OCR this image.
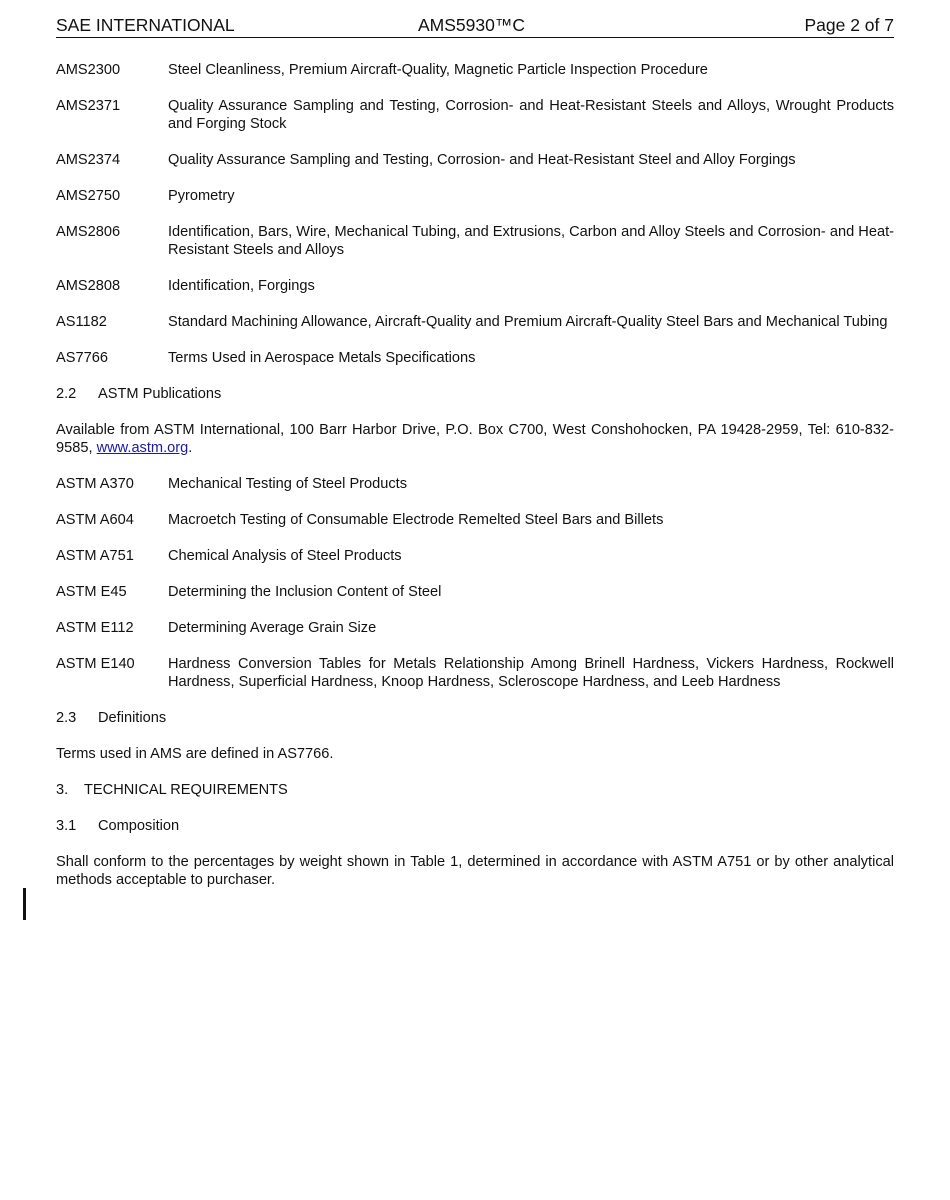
SAE INTERNATIONAL	AMS5930™C	Page 2 of 7
AMS2300	Steel Cleanliness, Premium Aircraft-Quality, Magnetic Particle Inspection Procedure
AMS2371	Quality Assurance Sampling and Testing, Corrosion- and Heat-Resistant Steels and Alloys, Wrought Products and Forging Stock
AMS2374	Quality Assurance Sampling and Testing, Corrosion- and Heat-Resistant Steel and Alloy Forgings
AMS2750	Pyrometry
AMS2806	Identification, Bars, Wire, Mechanical Tubing, and Extrusions, Carbon and Alloy Steels and Corrosion- and Heat-Resistant Steels and Alloys
AMS2808	Identification, Forgings
AS1182	Standard Machining Allowance, Aircraft-Quality and Premium Aircraft-Quality Steel Bars and Mechanical Tubing
AS7766	Terms Used in Aerospace Metals Specifications
2.2 ASTM Publications
Available from ASTM International, 100 Barr Harbor Drive, P.O. Box C700, West Conshohocken, PA 19428-2959, Tel: 610-832-9585, www.astm.org.
ASTM A370	Mechanical Testing of Steel Products
ASTM A604	Macroetch Testing of Consumable Electrode Remelted Steel Bars and Billets
ASTM A751	Chemical Analysis of Steel Products
ASTM E45	Determining the Inclusion Content of Steel
ASTM E112	Determining Average Grain Size
ASTM E140	Hardness Conversion Tables for Metals Relationship Among Brinell Hardness, Vickers Hardness, Rockwell Hardness, Superficial Hardness, Knoop Hardness, Scleroscope Hardness, and Leeb Hardness
2.3 Definitions
Terms used in AMS are defined in AS7766.
3. TECHNICAL REQUIREMENTS
3.1 Composition
Shall conform to the percentages by weight shown in Table 1, determined in accordance with ASTM A751 or by other analytical methods acceptable to purchaser.
